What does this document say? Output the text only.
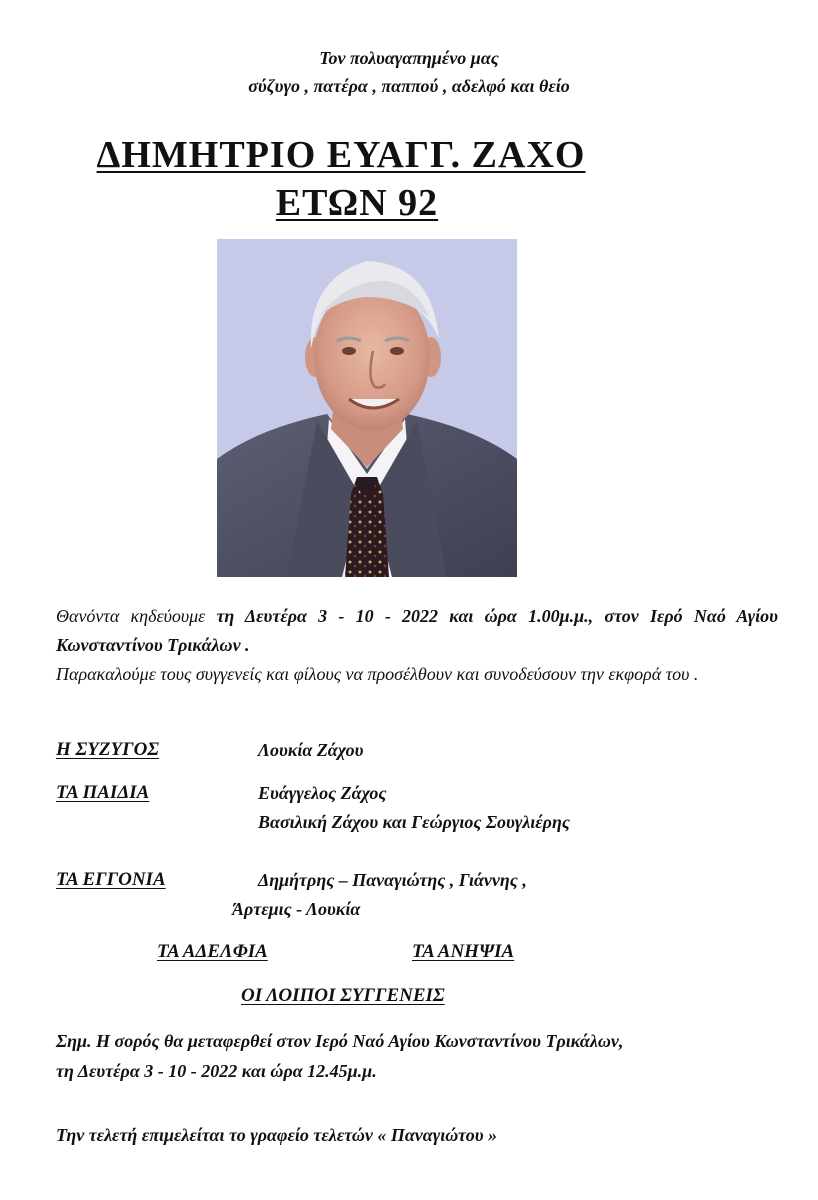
Τον πολυαγαπημένο μας
σύζυγο , πατέρα , παππού , αδελφό και θείο
ΔΗΜΗΤΡΙΟ ΕΥΑΓΓ. ΖΑΧΟ
ΕΤΩΝ 92
Θανόντα κηδεύουμε τη Δευτέρα 3 - 10 - 2022 και ώρα 1.00μ.μ., στον Ιερό Ναό Αγίου Κωνσταντίνου Τρικάλων .
Παρακαλούμε τους συγγενείς και φίλους να προσέλθουν και συνοδεύσουν την εκφορά του .
Η ΣΥΖΥΓΟΣ	Λουκία Ζάχου
ΤΑ ΠΑΙΔΙΑ	Ευάγγελος Ζάχος
Βασιλική Ζάχου και Γεώργιος Σουγλιέρης
ΤΑ ΕΓΓΟΝΙΑ	Δημήτρης – Παναγιώτης , Γιάννης ,
Άρτεμις - Λουκία
ΤΑ ΑΔΕΛΦΙΑ	ΤΑ ΑΝΗΨΙΑ
ΟΙ ΛΟΙΠΟΙ ΣΥΓΓΕΝΕΙΣ
Σημ. Η σορός θα μεταφερθεί στον Ιερό Ναό Αγίου Κωνσταντίνου Τρικάλων,
τη Δευτέρα 3 - 10 - 2022 και ώρα 12.45μ.μ.
Την τελετή επιμελείται το γραφείο τελετών « Παναγιώτου »
